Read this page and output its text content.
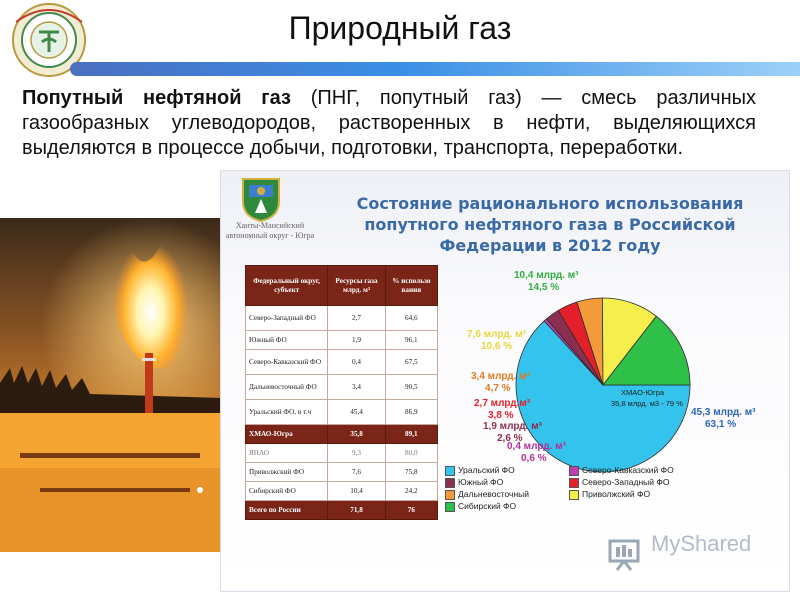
Природный газ
Попутный нефтяной газ (ПНГ, попутный газ) — смесь различных газообразных углеводородов, растворенных в нефти, выделяющихся выделяются в процессе добычи, подготовки, транспорта, переработки.
Ханты-Мансийский автономный округ - Югра
Состояние рационального использования попутного нефтяного газа в Российской Федерации в 2012 году
Федеральный округ, субъект	Ресурсы газа млрд. м³	% использо вания
Северо-Западный ФО	2,7	64,6
Южный ФО	1,9	96,1
Северо-Кавказский ФО	0,4	67,5
Дальневосточный ФО	3,4	90,5
Уральский ФО, в т.ч	45,4	86,9
ХМАО-Югра	35,8	89,1
ЯНАО	9,3	80,0
Приволжский ФО	7,6	75,8
Сибирский ФО	10,4	24,2
Всего по России	71,8	76
45,3 млрд. м³
63,1 %
0,4 млрд. м³
0,6 %
1,9 млрд. м³
2,6 %
2,7 млрд.м³
3,8 %
3,4 млрд. м³
4,7 %
7,6 млрд. м³
10,6 %
10,4 млрд. м³
14,5 %
ХМАО-Югра
35,8 млрд. м3 - 79 %
Уральский ФО	Северо-Кавказский ФО
Южный ФО	Северо-Западный ФО
Дальневосточный	Приволжский ФО
Сибирский ФО
MyShared
